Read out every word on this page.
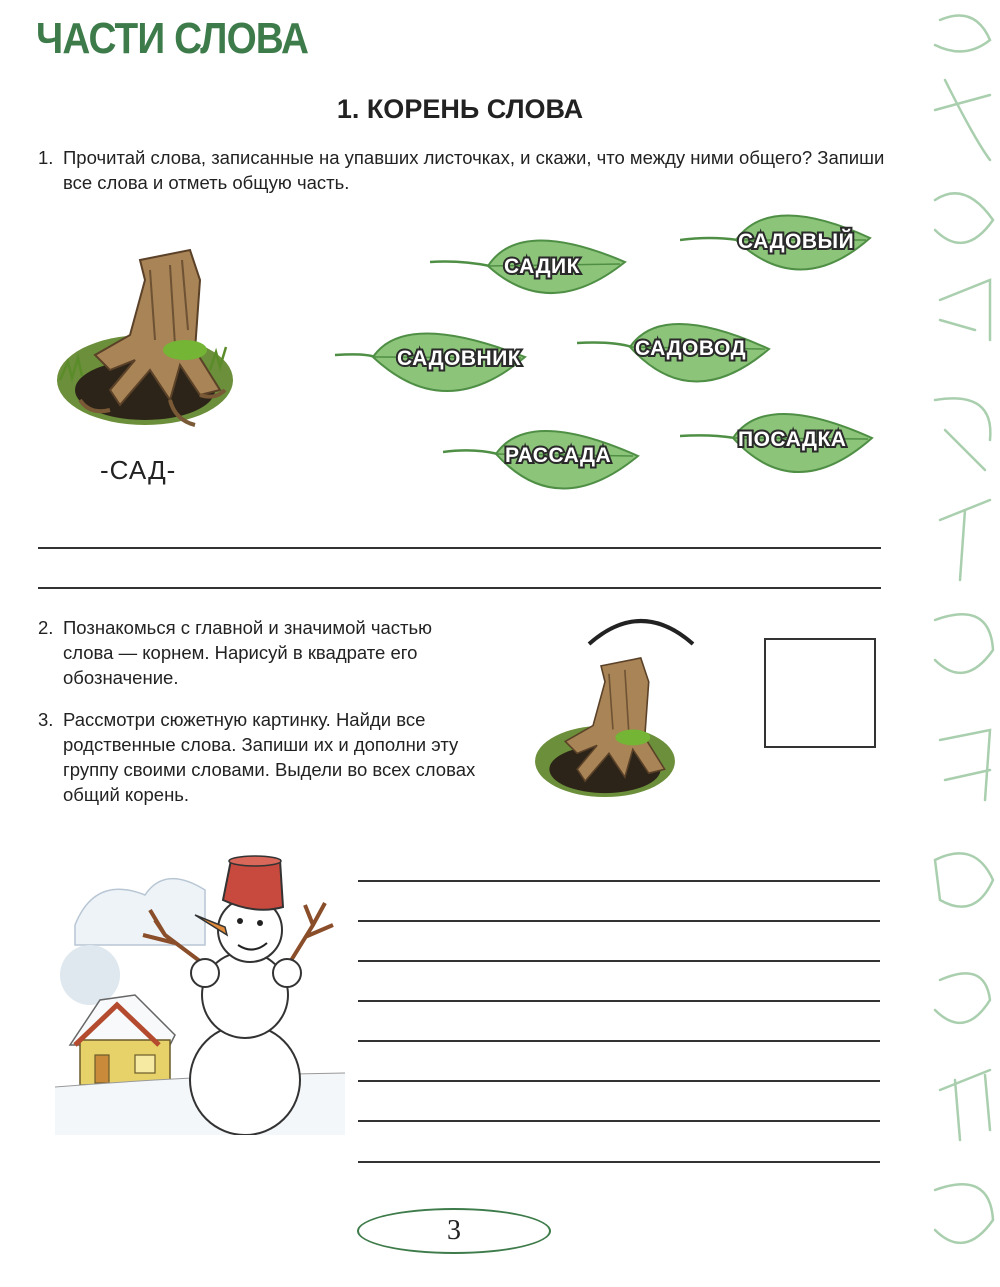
ЧАСТИ СЛОВА
1. КОРЕНЬ СЛОВА

1. Прочитай слова, записанные на упавших листочках, и скажи, что между ними общего? Запиши все слова и отметь общую часть.

-САД-
САДИК
САДОВЫЙ
САДОВНИК	САДОВОД
РАССАДА
ПОСАДКА

2. Познакомься с главной и значимой частью слова — корнем. Нарисуй в квадрате его обозначение.

3. Рассмотри сюжетную картинку. Найди все родственные слова. Запиши их и дополни эту группу своими словами. Выдели во всех словах общий корень.

3
